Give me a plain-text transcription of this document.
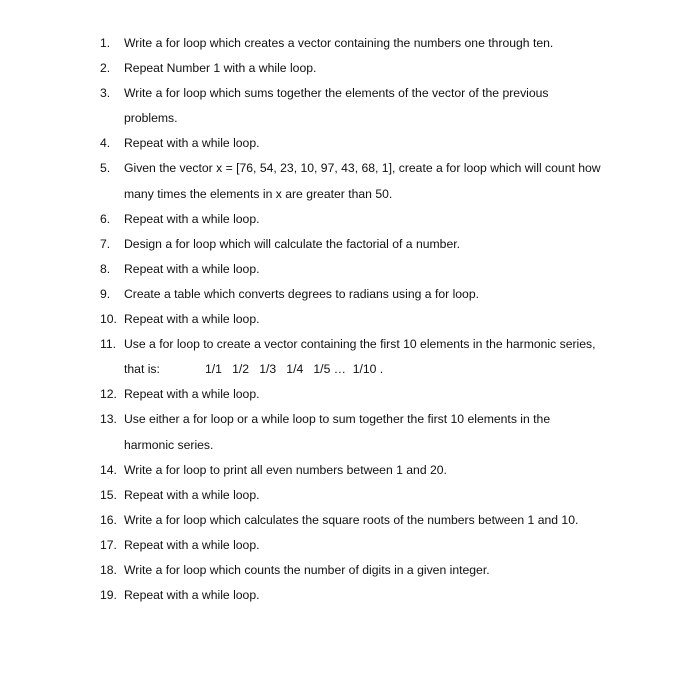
1. Write a for loop which creates a vector containing the numbers one through ten.
2. Repeat Number 1 with a while loop.
3. Write a for loop which sums together the elements of the vector of the previous
problems.
4. Repeat with a while loop.
5. Given the vector x = [76, 54, 23, 10, 97, 43, 68, 1], create a for loop which will count how
many times the elements in x are greater than 50.
6. Repeat with a while loop.
7. Design a for loop which will calculate the factorial of a number.
8. Repeat with a while loop.
9. Create a table which converts degrees to radians using a for loop.
10. Repeat with a while loop.
11. Use a for loop to create a vector containing the first 10 elements in the harmonic series,
that is:	1/1   1/2   1/3   1/4   1/5 …  1/10 .
12. Repeat with a while loop.
13. Use either a for loop or a while loop to sum together the first 10 elements in the
harmonic series.
14. Write a for loop to print all even numbers between 1 and 20.
15. Repeat with a while loop.
16. Write a for loop which calculates the square roots of the numbers between 1 and 10.
17. Repeat with a while loop.
18. Write a for loop which counts the number of digits in a given integer.
19. Repeat with a while loop.
